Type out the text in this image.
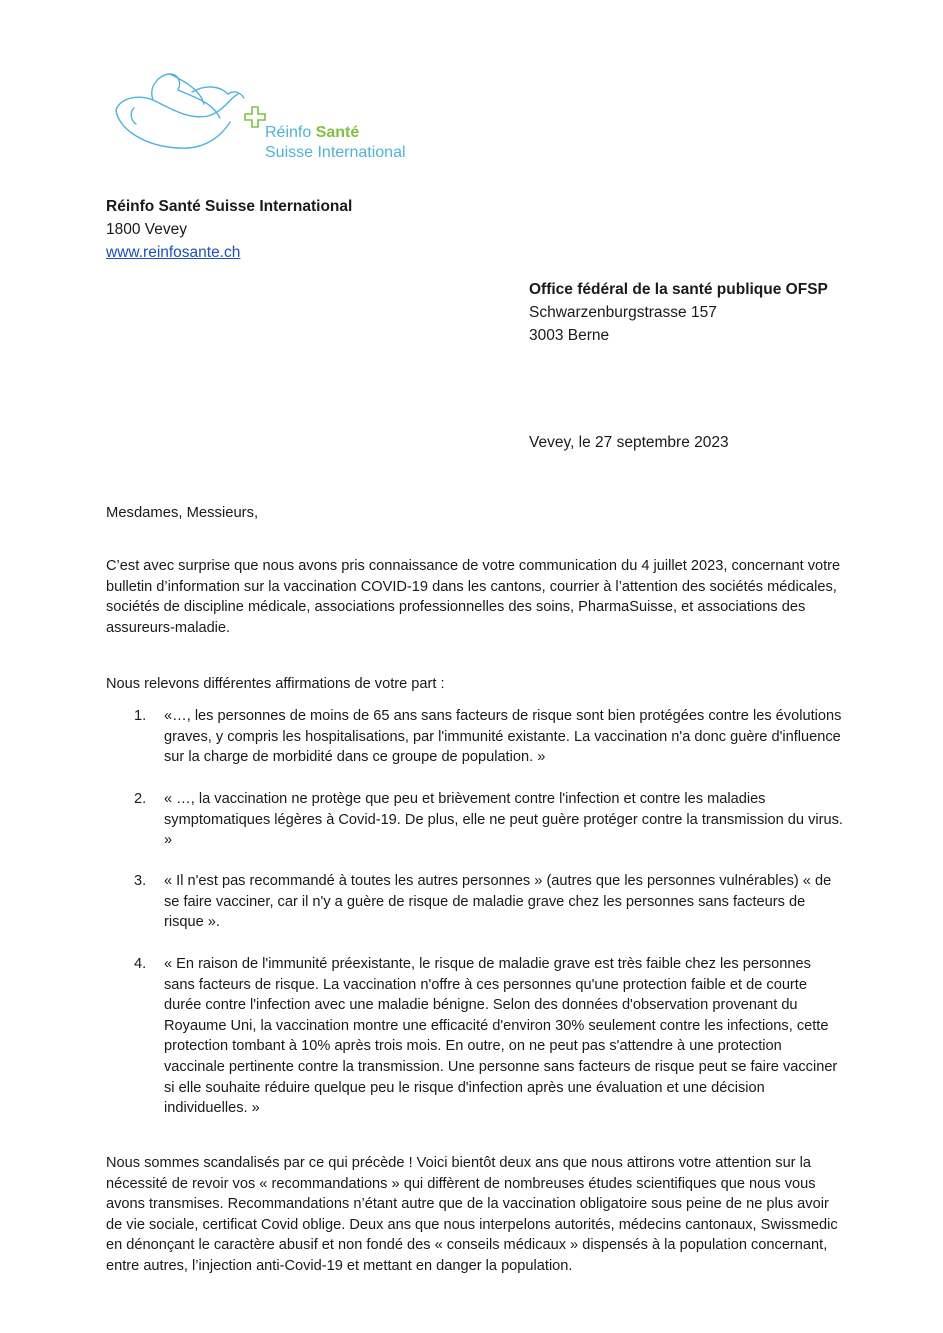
Réinfo Santé
Suisse International
Réinfo Santé Suisse International
1800 Vevey
www.reinfosante.ch
Office fédéral de la santé publique OFSP
Schwarzenburgstrasse 157
3003 Berne
Vevey, le 27 septembre 2023
Mesdames, Messieurs,
C’est avec surprise que nous avons pris connaissance de votre communication du 4 juillet 2023, concernant votre bulletin d’information sur la vaccination COVID-19 dans les cantons, courrier à l’attention des sociétés médicales, sociétés de discipline médicale, associations professionnelles des soins, PharmaSuisse, et associations des assureurs-maladie.
Nous relevons différentes affirmations de votre part :
1. «…, les personnes de moins de 65 ans sans facteurs de risque sont bien protégées contre les évolutions graves, y compris les hospitalisations, par l'immunité existante. La vaccination n'a donc guère d'influence sur la charge de morbidité dans ce groupe de population. »
2. « …, la vaccination ne protège que peu et brièvement contre l'infection et contre les maladies symptomatiques légères à Covid-19. De plus, elle ne peut guère protéger contre la transmission du virus. »
3. « Il n'est pas recommandé à toutes les autres personnes » (autres que les personnes vulnérables) « de se faire vacciner, car il n'y a guère de risque de maladie grave chez les personnes sans facteurs de risque ».
4. « En raison de l'immunité préexistante, le risque de maladie grave est très faible chez les personnes sans facteurs de risque. La vaccination n'offre à ces personnes qu'une protection faible et de courte durée contre l'infection avec une maladie bénigne. Selon des données d'observation provenant du Royaume Uni, la vaccination montre une efficacité d'environ 30% seulement contre les infections, cette protection tombant à 10% après trois mois. En outre, on ne peut pas s'attendre à une protection vaccinale pertinente contre la transmission. Une personne sans facteurs de risque peut se faire vacciner si elle souhaite réduire quelque peu le risque d'infection après une évaluation et une décision individuelles. »
Nous sommes scandalisés par ce qui précède ! Voici bientôt deux ans que nous attirons votre attention sur la nécessité de revoir vos « recommandations » qui diffèrent de nombreuses études scientifiques que nous vous avons transmises. Recommandations n’étant autre que de la vaccination obligatoire sous peine de ne plus avoir de vie sociale, certificat Covid oblige. Deux ans que nous interpelons autorités, médecins cantonaux, Swissmedic en dénonçant le caractère abusif et non fondé des « conseils médicaux » dispensés à la population concernant, entre autres, l’injection anti-Covid-19 et mettant en danger la population.
